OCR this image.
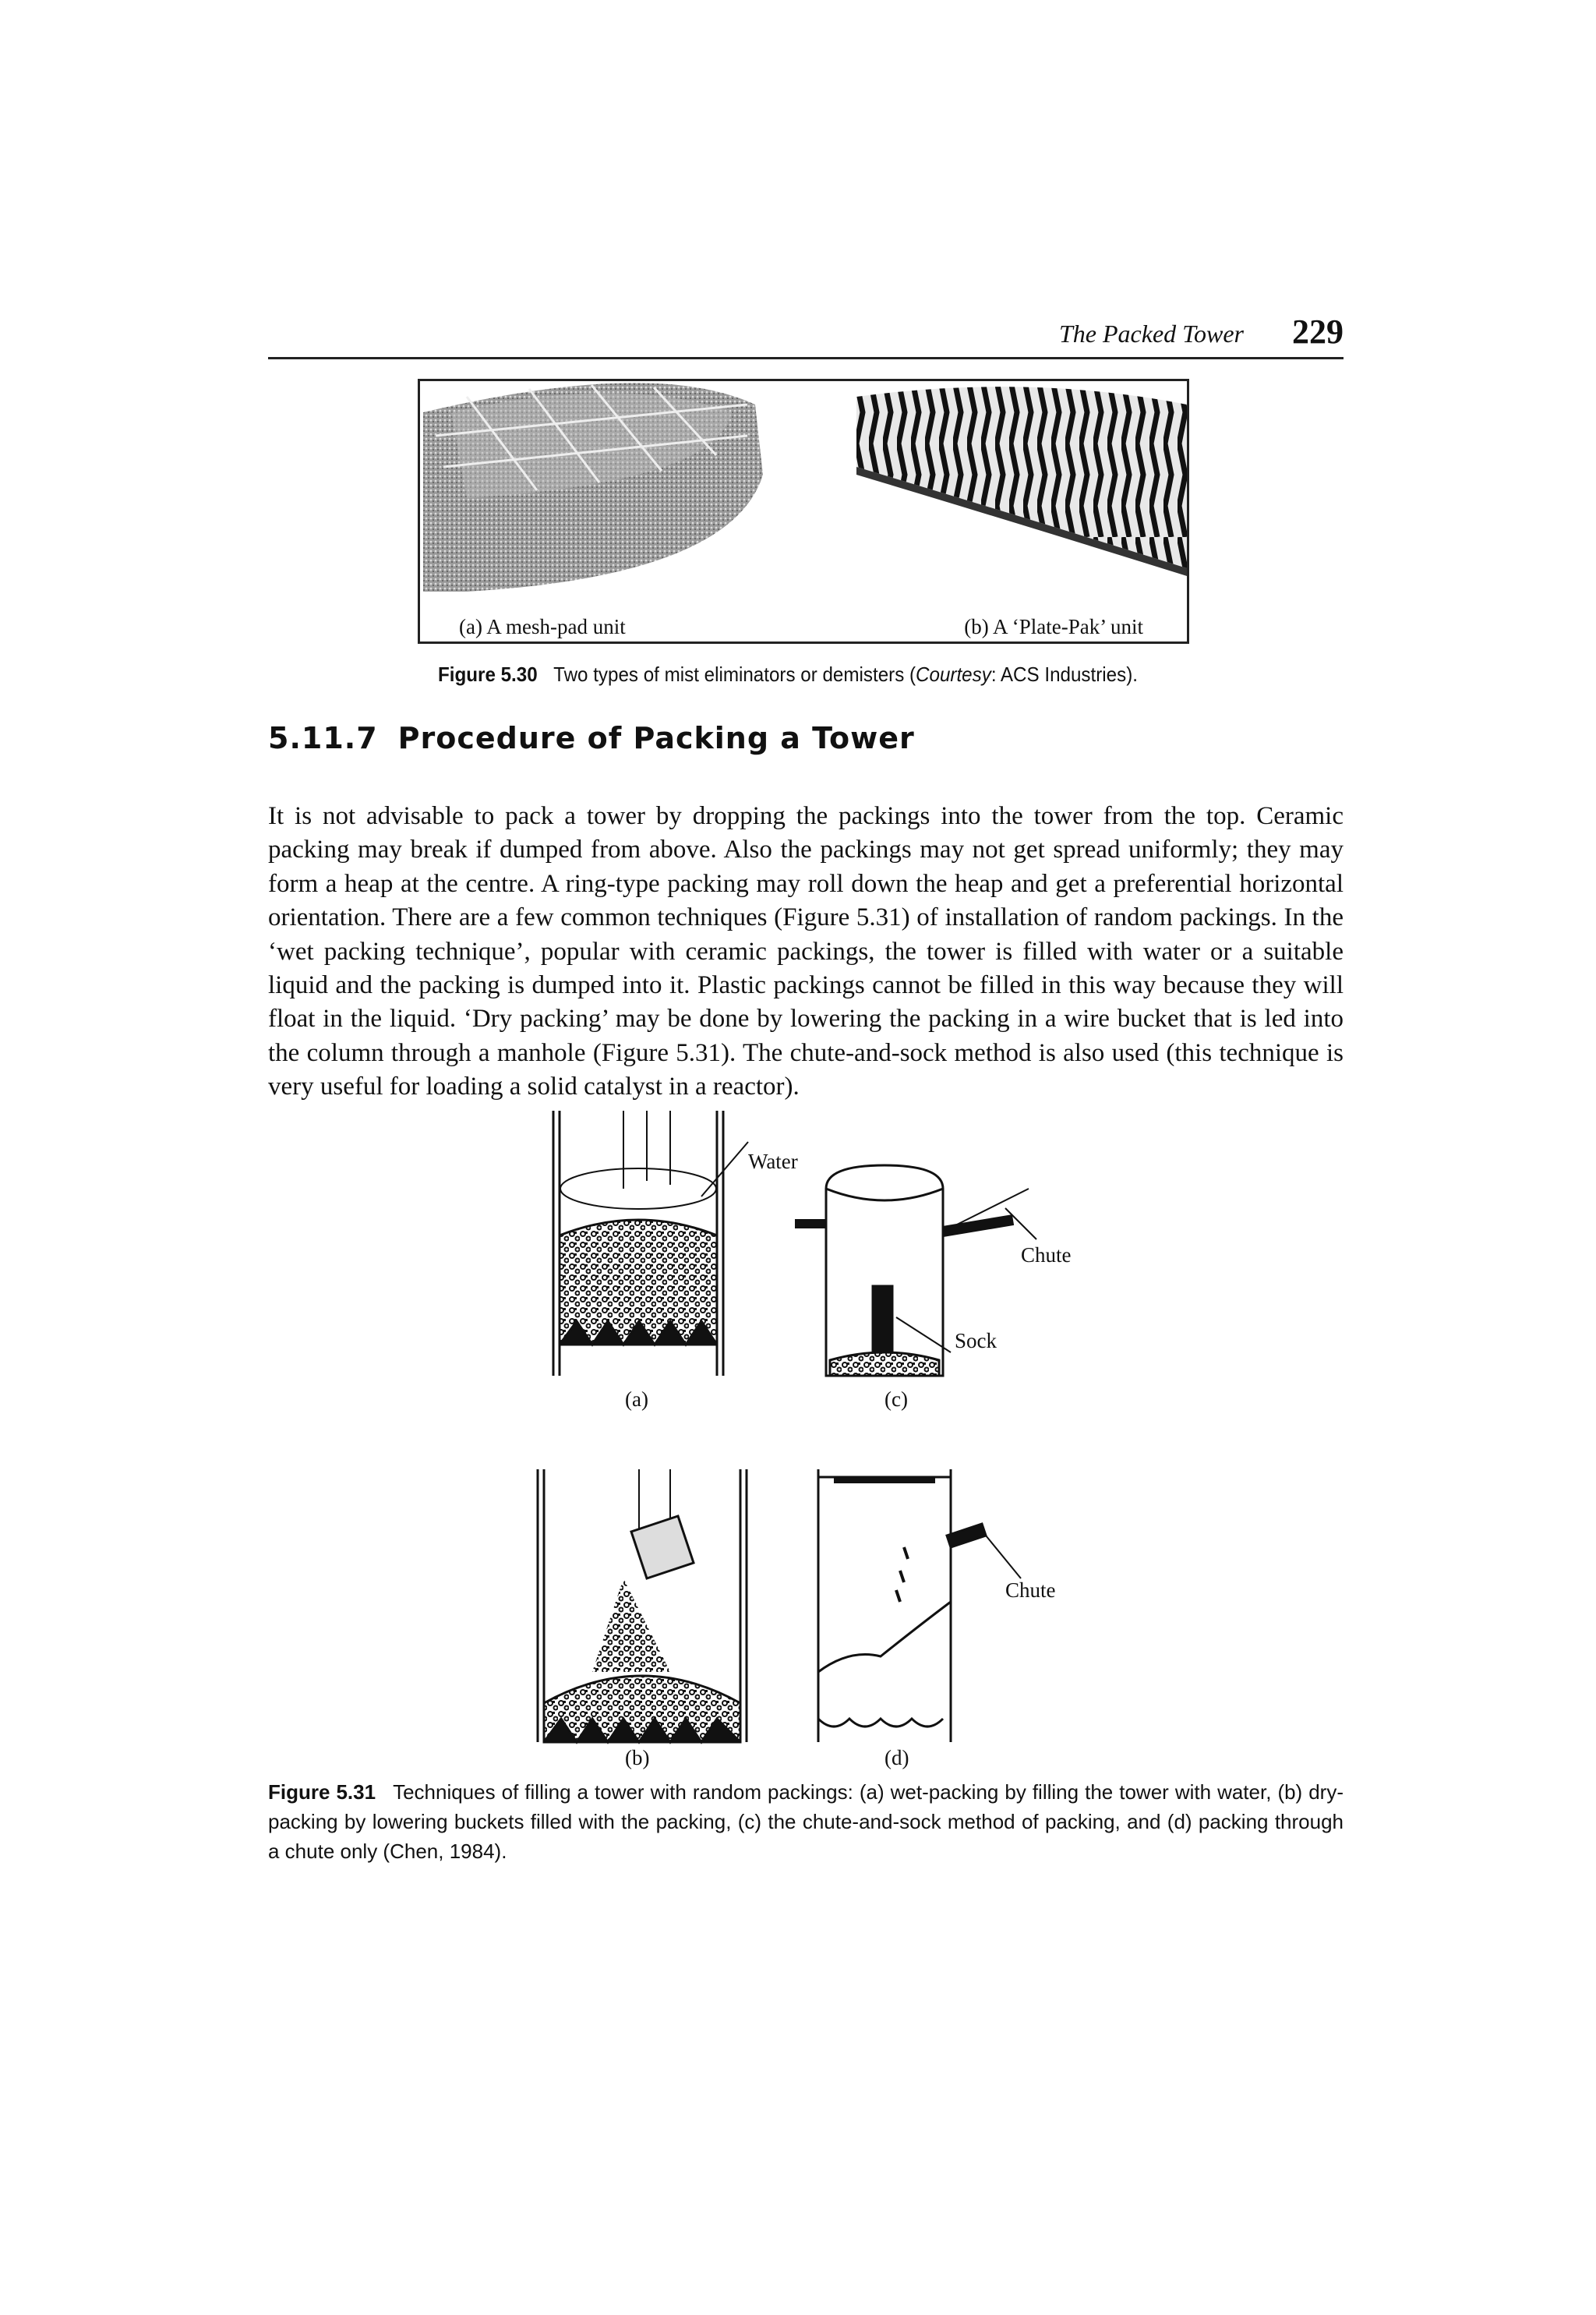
The Packed Tower 229
(a) A mesh-pad unit	(b) A ‘Plate-Pak’ unit
Figure 5.30 Two types of mist eliminators or demisters (Courtesy: ACS Industries).
5.11.7 Procedure of Packing a Tower

It is not advisable to pack a tower by dropping the packings into the tower from the top. Ceramic packing may break if dumped from above. Also the packings may not get spread uniformly; they may form a heap at the centre. A ring-type packing may roll down the heap and get a preferential horizontal orientation. There are a few common techniques (Figure 5.31) of installation of random packings. In the ‘wet packing technique’, popular with ceramic packings, the tower is filled with water or a suitable liquid and the packing is dumped into it. Plastic packings cannot be filled in this way because they will float in the liquid. ‘Dry packing’ may be done by lowering the packing in a wire bucket that is led into the column through a manhole (Figure 5.31). The chute-and-sock method is also used (this technique is very useful for loading a solid catalyst in a reactor).

Water
Chute
Sock
(a)	(c)
Chute
(b)	(d)
Figure 5.31 Techniques of filling a tower with random packings: (a) wet-packing by filling the tower with water, (b) dry-packing by lowering buckets filled with the packing, (c) the chute-and-sock method of packing, and (d) packing through a chute only (Chen, 1984).
